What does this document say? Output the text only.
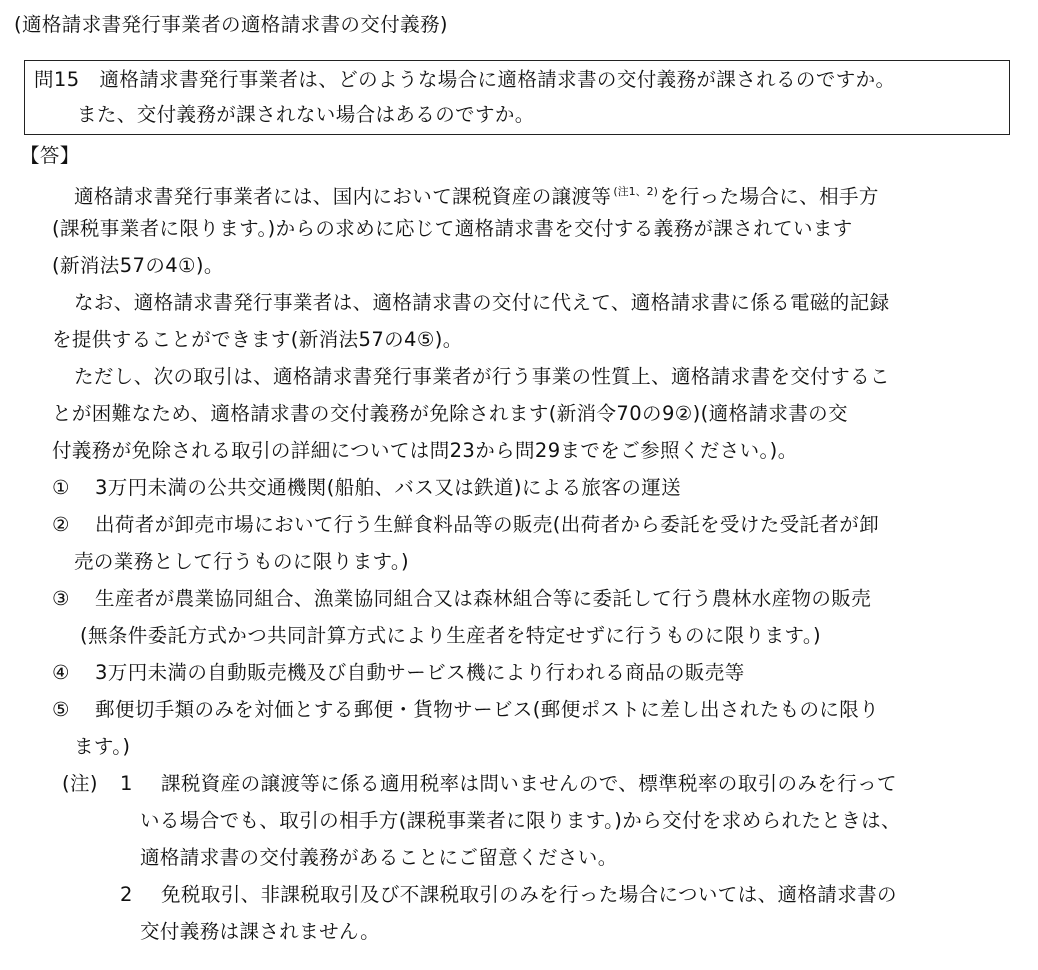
(適格請求書発行事業者の適格請求書の交付義務)
問15　適格請求書発行事業者は、どのような場合に適格請求書の交付義務が課されるのですか。
また、交付義務が課されない場合はあるのですか。
【答】
適格請求書発行事業者には、国内において課税資産の譲渡等 $^{(注1、2)}$ を行った場合に、相手方
(課税事業者に限ります。)からの求めに応じて適格請求書を交付する義務が課されています
(新消法57の4①)。
なお、適格請求書発行事業者は、適格請求書の交付に代えて、適格請求書に係る電磁的記録
を提供することができます(新消法57の4⑤)。
ただし、次の取引は、適格請求書発行事業者が行う事業の性質上、適格請求書を交付するこ
とが困難なため、適格請求書の交付義務が免除されます(新消令70の9②)(適格請求書の交
付義務が免除される取引の詳細については問23から問29までをご参照ください。)。
① 3万円未満の公共交通機関(船舶、バス又は鉄道)による旅客の運送
② 出荷者が卸売市場において行う生鮮食料品等の販売(出荷者から委託を受けた受託者が卸
売の業務として行うものに限ります。)
③ 生産者が農業協同組合、漁業協同組合又は森林組合等に委託して行う農林水産物の販売
(無条件委託方式かつ共同計算方式により生産者を特定せずに行うものに限ります。)
④ 3万円未満の自動販売機及び自動サービス機により行われる商品の販売等
⑤ 郵便切手類のみを対価とする郵便・貨物サービス(郵便ポストに差し出されたものに限り
ます。)
(注) 1 課税資産の譲渡等に係る適用税率は問いませんので、標準税率の取引のみを行って
いる場合でも、取引の相手方(課税事業者に限ります。)から交付を求められたときは、
適格請求書の交付義務があることにご留意ください。
2 免税取引、非課税取引及び不課税取引のみを行った場合については、適格請求書の
交付義務は課されません。
